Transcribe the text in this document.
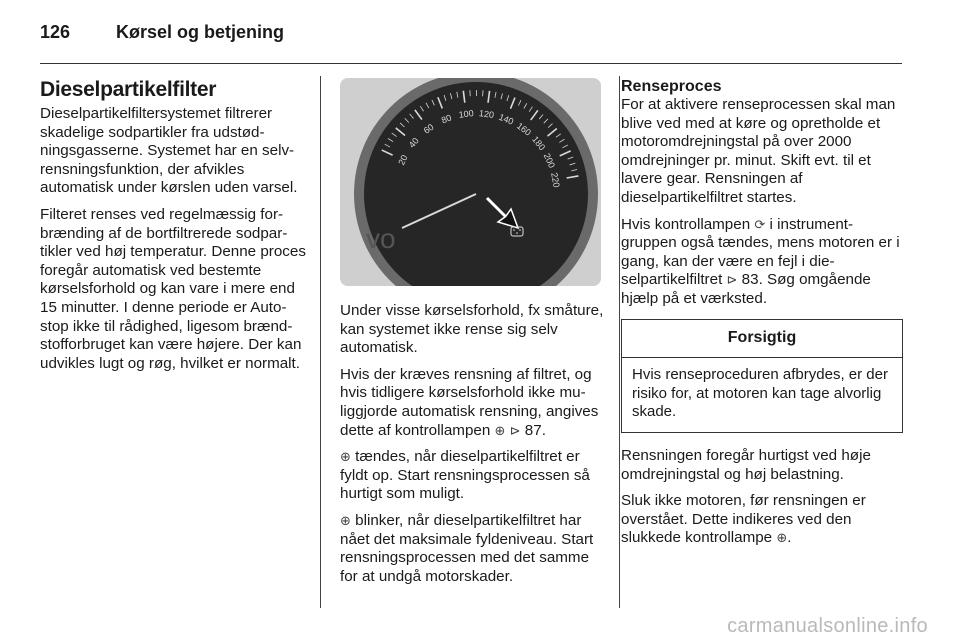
126	Kørsel og betjening
Dieselpartikelfilter

Dieselpartikelfiltersystemet filtrerer skadelige sodpartikler fra udstødningsgasserne. Systemet har en selvrensningsfunktion, der afvikles automatisk under kørslen uden varsel.

Filteret renses ved regelmæssig forbrænding af de bortfiltrerede sodpartikler ved høj temperatur. Denne proces foregår automatisk ved bestemte kørselsforhold og kan vare i mere end 15 minutter. I denne periode er Auto-stop ikke til rådighed, ligesom brændstofforbruget kan være højere. Der kan udvikles lugt og røg, hvilket er normalt.

20
40
60
80 100 120 140
160
180
200
220
vo

Under visse kørselsforhold, fx småture, kan systemet ikke rense sig selv automatisk.

Hvis der kræves rensning af filtret, og hvis tidligere kørselsforhold ikke muliggjorde automatisk rensning, angives dette af kontrollampen ⊕ ⊳ 87.

⊕ tændes, når dieselpartikelfiltret er fyldt op. Start rensningsprocessen så hurtigt som muligt.

⊕ blinker, når dieselpartikelfiltret har nået det maksimale fyldeniveau. Start rensningsprocessen med det samme for at undgå motorskader.

Renseproces

For at aktivere renseprocessen skal man blive ved med at køre og opretholde et motoromdrejningstal på over 2000 omdrejninger pr. minut. Skift evt. til et lavere gear. Rensningen af dieselpartikelfiltret startes.

Hvis kontrollampen ⟳ i instrumentgruppen også tændes, mens motoren er i gang, kan der være en fejl i dieselpartikelfiltret ⊳ 83. Søg omgående hjælp på et værksted.

Forsigtig
Hvis renseproceduren afbrydes, er der risiko for, at motoren kan tage alvorlig skade.

Rensningen foregår hurtigst ved høje omdrejningstal og høj belastning.

Sluk ikke motoren, før rensningen er overstået. Dette indikeres ved den slukkede kontrollampe ⊕.

carmanualsonline.info
